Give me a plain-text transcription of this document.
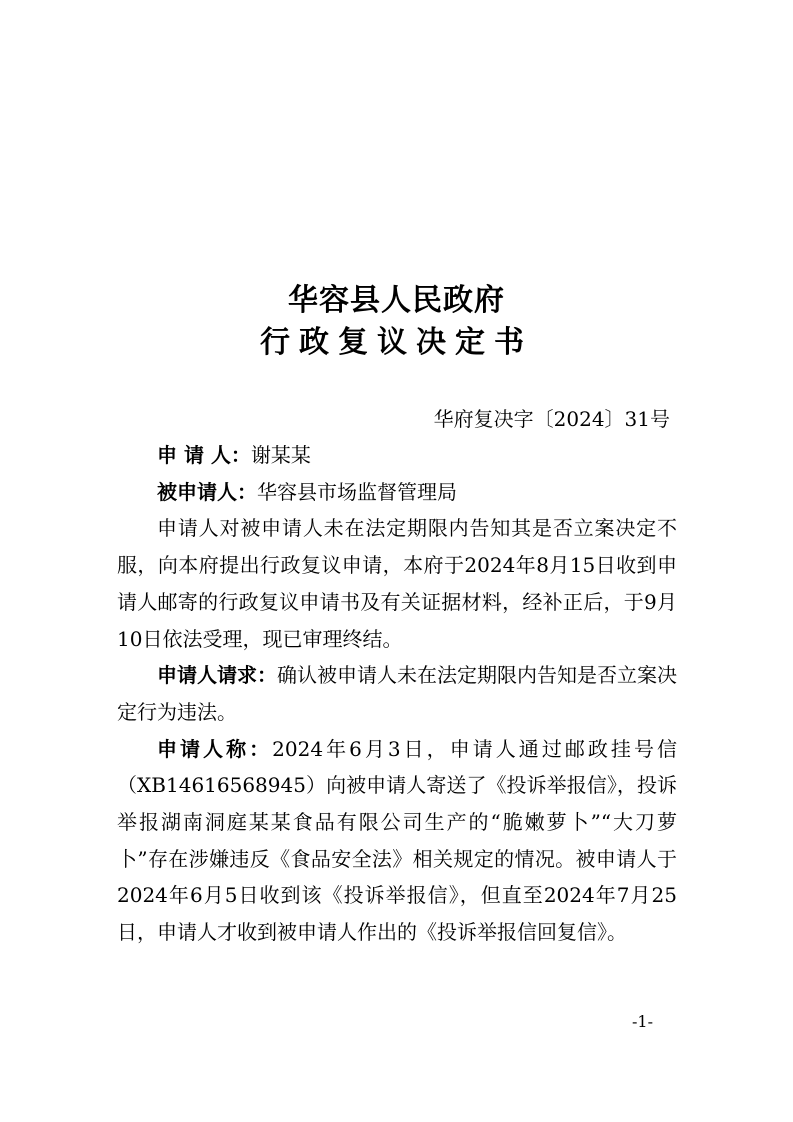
华容县人民政府
行政复议决定书
华府复决字〔2024〕31号

申 请 人：谢某某

被申请人：华容县市场监督管理局

申请人对被申请人未在法定期限内告知其是否立案决定不服，向本府提出行政复议申请，本府于2024年8月15日收到申请人邮寄的行政复议申请书及有关证据材料，经补正后，于9月10日依法受理，现已审理终结。

申请人请求：确认被申请人未在法定期限内告知是否立案决定行为违法。

申请人称：2024年6月3日，申请人通过邮政挂号信（XB14616568945）向被申请人寄送了《投诉举报信》，投诉举报湖南洞庭某某食品有限公司生产的“脆嫩萝卜”“大刀萝卜”存在涉嫌违反《食品安全法》相关规定的情况。被申请人于2024年6月5日收到该《投诉举报信》，但直至2024年7月25日，申请人才收到被申请人作出的《投诉举报信回复信》。

-1-
